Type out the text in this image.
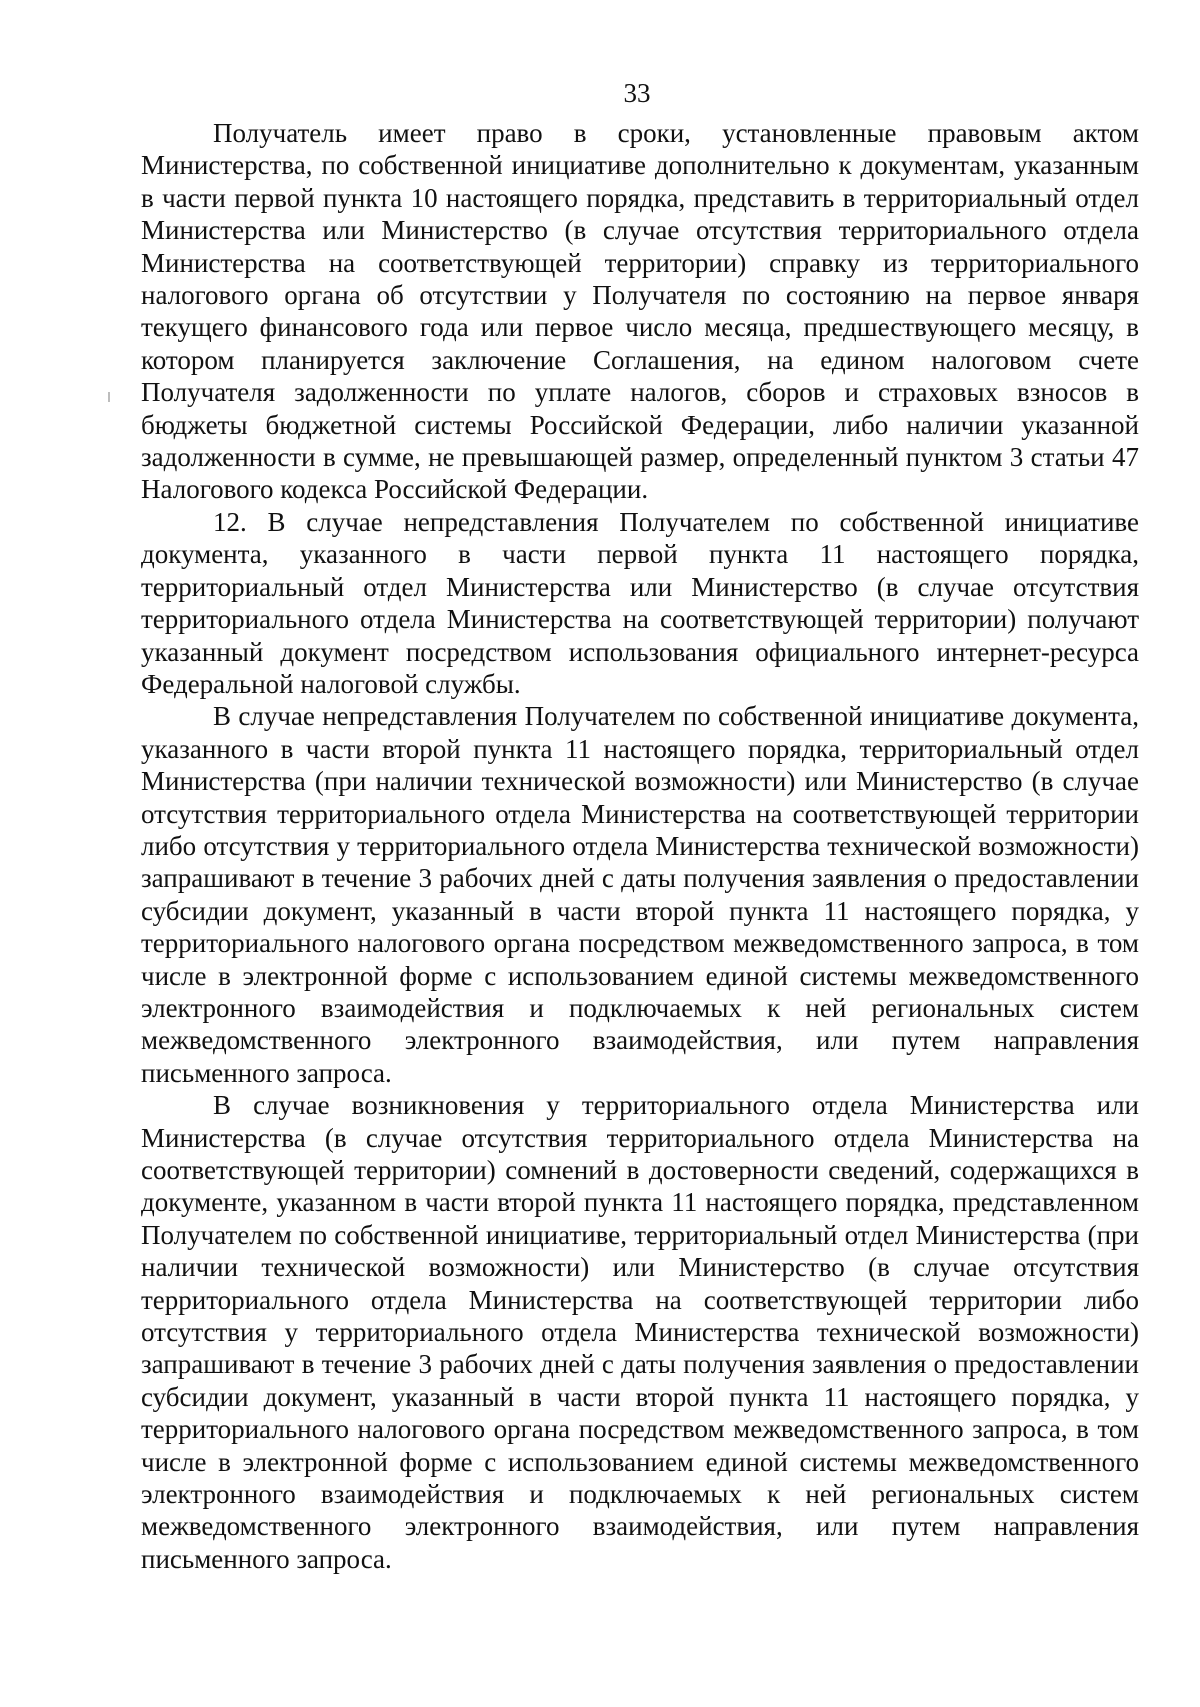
33

Получатель имеет право в сроки, установленные правовым актом Министерства, по собственной инициативе дополнительно к документам, указанным в части первой пункта 10 настоящего порядка, представить в территориальный отдел Министерства или Министерство (в случае отсутствия территориального отдела Министерства на соответствующей территории) справку из территориального налогового органа об отсутствии у Получателя по состоянию на первое января текущего финансового года или первое число месяца, предшествующего месяцу, в котором планируется заключение Соглашения, на едином налоговом счете Получателя задолженности по уплате налогов, сборов и страховых взносов в бюджеты бюджетной системы Российской Федерации, либо наличии указанной задолженности в сумме, не превышающей размер, определенный пунктом 3 статьи 47 Налогового кодекса Российской Федерации.

12. В случае непредставления Получателем по собственной инициативе документа, указанного в части первой пункта 11 настоящего порядка, территориальный отдел Министерства или Министерство (в случае отсутствия территориального отдела Министерства на соответствующей территории) получают указанный документ посредством использования официального интернет-ресурса Федеральной налоговой службы.

В случае непредставления Получателем по собственной инициативе документа, указанного в части второй пункта 11 настоящего порядка, территориальный отдел Министерства (при наличии технической возможности) или Министерство (в случае отсутствия территориального отдела Министерства на соответствующей территории либо отсутствия у территориального отдела Министерства технической возможности) запрашивают в течение 3 рабочих дней с даты получения заявления о предоставлении субсидии документ, указанный в части второй пункта 11 настоящего порядка, у территориального налогового органа посредством межведомственного запроса, в том числе в электронной форме с использованием единой системы межведомственного электронного взаимодействия и подключаемых к ней региональных систем межведомственного электронного взаимодействия, или путем направления письменного запроса.

В случае возникновения у территориального отдела Министерства или Министерства (в случае отсутствия территориального отдела Министерства на соответствующей территории) сомнений в достоверности сведений, содержащихся в документе, указанном в части второй пункта 11 настоящего порядка, представленном Получателем по собственной инициативе, территориальный отдел Министерства (при наличии технической возможности) или Министерство (в случае отсутствия территориального отдела Министерства на соответствующей территории либо отсутствия у территориального отдела Министерства технической возможности) запрашивают в течение 3 рабочих дней с даты получения заявления о предоставлении субсидии документ, указанный в части второй пункта 11 настоящего порядка, у территориального налогового органа посредством межведомственного запроса, в том числе в электронной форме с использованием единой системы межведомственного электронного взаимодействия и подключаемых к ней региональных систем межведомственного электронного взаимодействия, или путем направления письменного запроса.
